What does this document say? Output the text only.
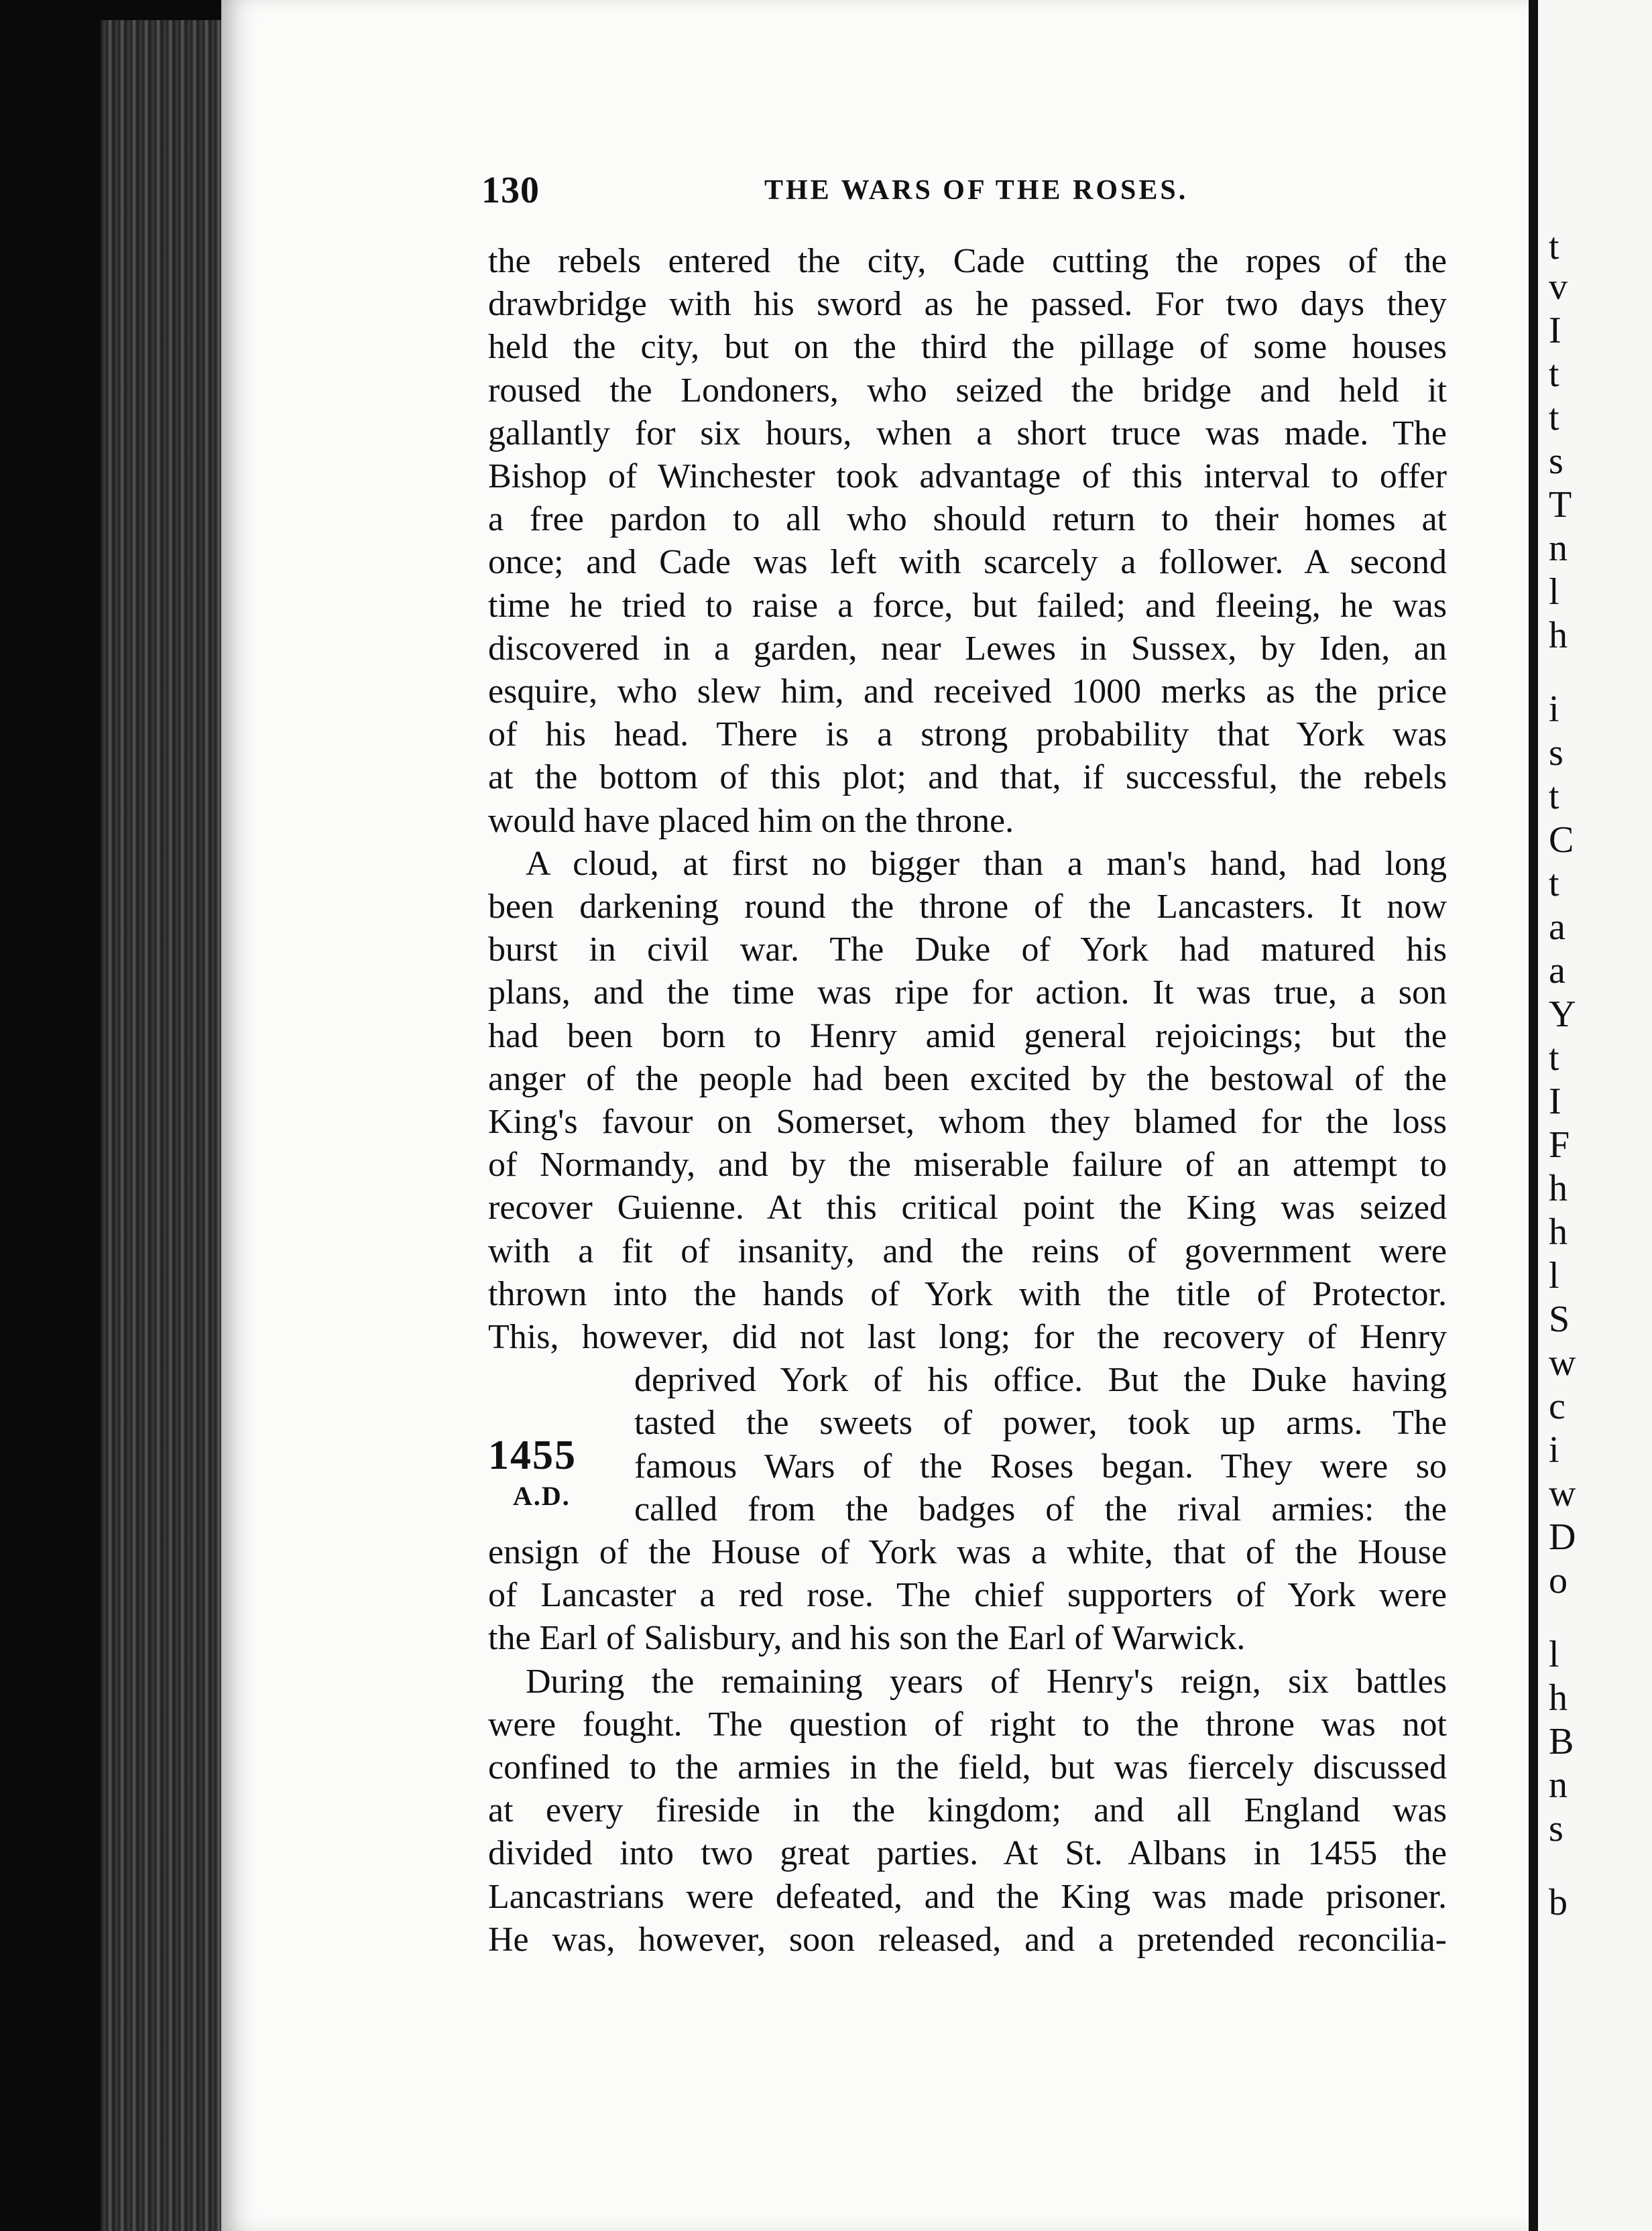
130	THE WARS OF THE ROSES.
1455
A.D.
the rebels entered the city, Cade cutting the ropes of the
drawbridge with his sword as he passed. For two days they
held the city, but on the third the pillage of some houses
roused the Londoners, who seized the bridge and held it
gallantly for six hours, when a short truce was made. The
Bishop of Winchester took advantage of this interval to offer
a free pardon to all who should return to their homes at
once; and Cade was left with scarcely a follower. A second
time he tried to raise a force, but failed; and fleeing, he was
discovered in a garden, near Lewes in Sussex, by Iden, an
esquire, who slew him, and received 1000 merks as the price
of his head. There is a strong probability that York was
at the bottom of this plot; and that, if successful, the rebels
would have placed him on the throne.
A cloud, at first no bigger than a man's hand, had long
been darkening round the throne of the Lancasters. It now
burst in civil war. The Duke of York had matured his
plans, and the time was ripe for action. It was true, a son
had been born to Henry amid general rejoicings; but the
anger of the people had been excited by the bestowal of the
King's favour on Somerset, whom they blamed for the loss
of Normandy, and by the miserable failure of an attempt to
recover Guienne. At this critical point the King was seized
with a fit of insanity, and the reins of government were
thrown into the hands of York with the title of Protector.
This, however, did not last long; for the recovery of Henry
deprived York of his office. But the Duke having
tasted the sweets of power, took up arms. The
famous Wars of the Roses began. They were so
called from the badges of the rival armies: the
ensign of the House of York was a white, that of the House
of Lancaster a red rose. The chief supporters of York were
the Earl of Salisbury, and his son the Earl of Warwick.
During the remaining years of Henry's reign, six battles
were fought. The question of right to the throne was not
confined to the armies in the field, but was fiercely discussed
at every fireside in the kingdom; and all England was
divided into two great parties. At St. Albans in 1455 the
Lancastrians were defeated, and the King was made prisoner.
He was, however, soon released, and a pretended reconcilia-
t
v
I
t
t
s
T
n
l
h
i
s
t
C
t
a
a
Y
t
I
F
h
h
l
S
w
c
i
w
D
o
l
h
B
n
s
b
